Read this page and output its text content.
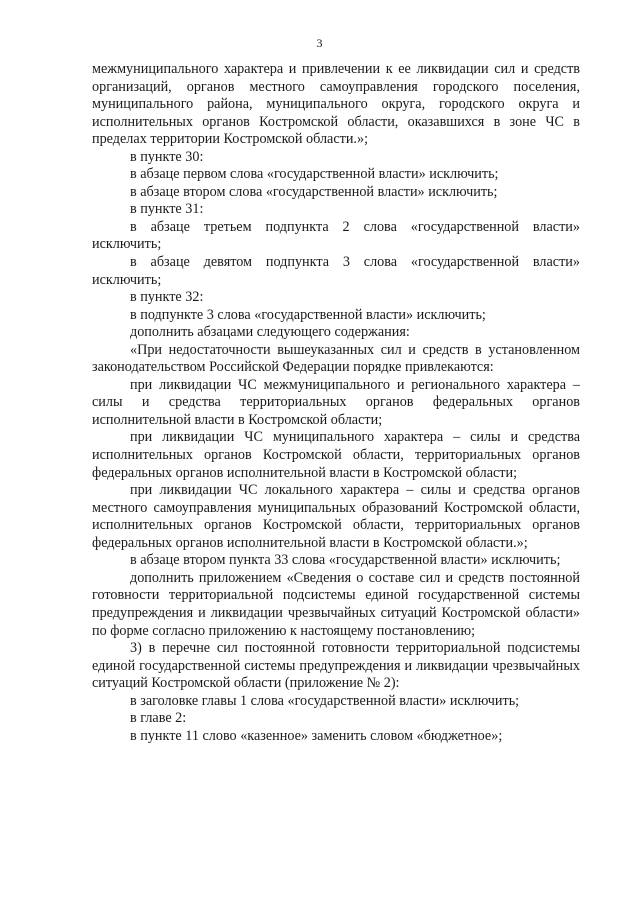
3

межмуниципального характера и привлечении к ее ликвидации сил и средств организаций, органов местного самоуправления городского поселения, муниципального района, муниципального округа, городского округа и исполнительных органов Костромской области, оказавшихся в зоне ЧС в пределах территории Костромской области.»;

в пункте 30:

в абзаце первом слова «государственной власти» исключить;

в абзаце втором слова «государственной власти» исключить;

в пункте 31:

в абзаце третьем подпункта 2 слова «государственной власти» исключить;

в абзаце девятом подпункта 3 слова «государственной власти» исключить;

в пункте 32:

в подпункте 3 слова «государственной власти» исключить;

дополнить абзацами следующего содержания:

«При недостаточности вышеуказанных сил и средств в установленном законодательством Российской Федерации порядке привлекаются:

при ликвидации ЧС межмуниципального и регионального характера – силы и средства территориальных органов федеральных органов исполнительной власти в Костромской области;

при ликвидации ЧС муниципального характера – силы и средства исполнительных органов Костромской области, территориальных органов федеральных органов исполнительной власти в Костромской области;

при ликвидации ЧС локального характера – силы и средства органов местного самоуправления муниципальных образований Костромской области, исполнительных органов Костромской области, территориальных органов федеральных органов исполнительной власти в Костромской области.»;

в абзаце втором пункта 33 слова «государственной власти» исключить;

дополнить приложением «Сведения о составе сил и средств постоянной готовности территориальной подсистемы единой государственной системы предупреждения и ликвидации чрезвычайных ситуаций Костромской области» по форме согласно приложению к настоящему постановлению;

3) в перечне сил постоянной готовности территориальной подсистемы единой государственной системы предупреждения и ликвидации чрезвычайных ситуаций Костромской области (приложение № 2):

в заголовке главы 1 слова «государственной власти» исключить;

в главе 2:

в пункте 11 слово «казенное» заменить словом «бюджетное»;
